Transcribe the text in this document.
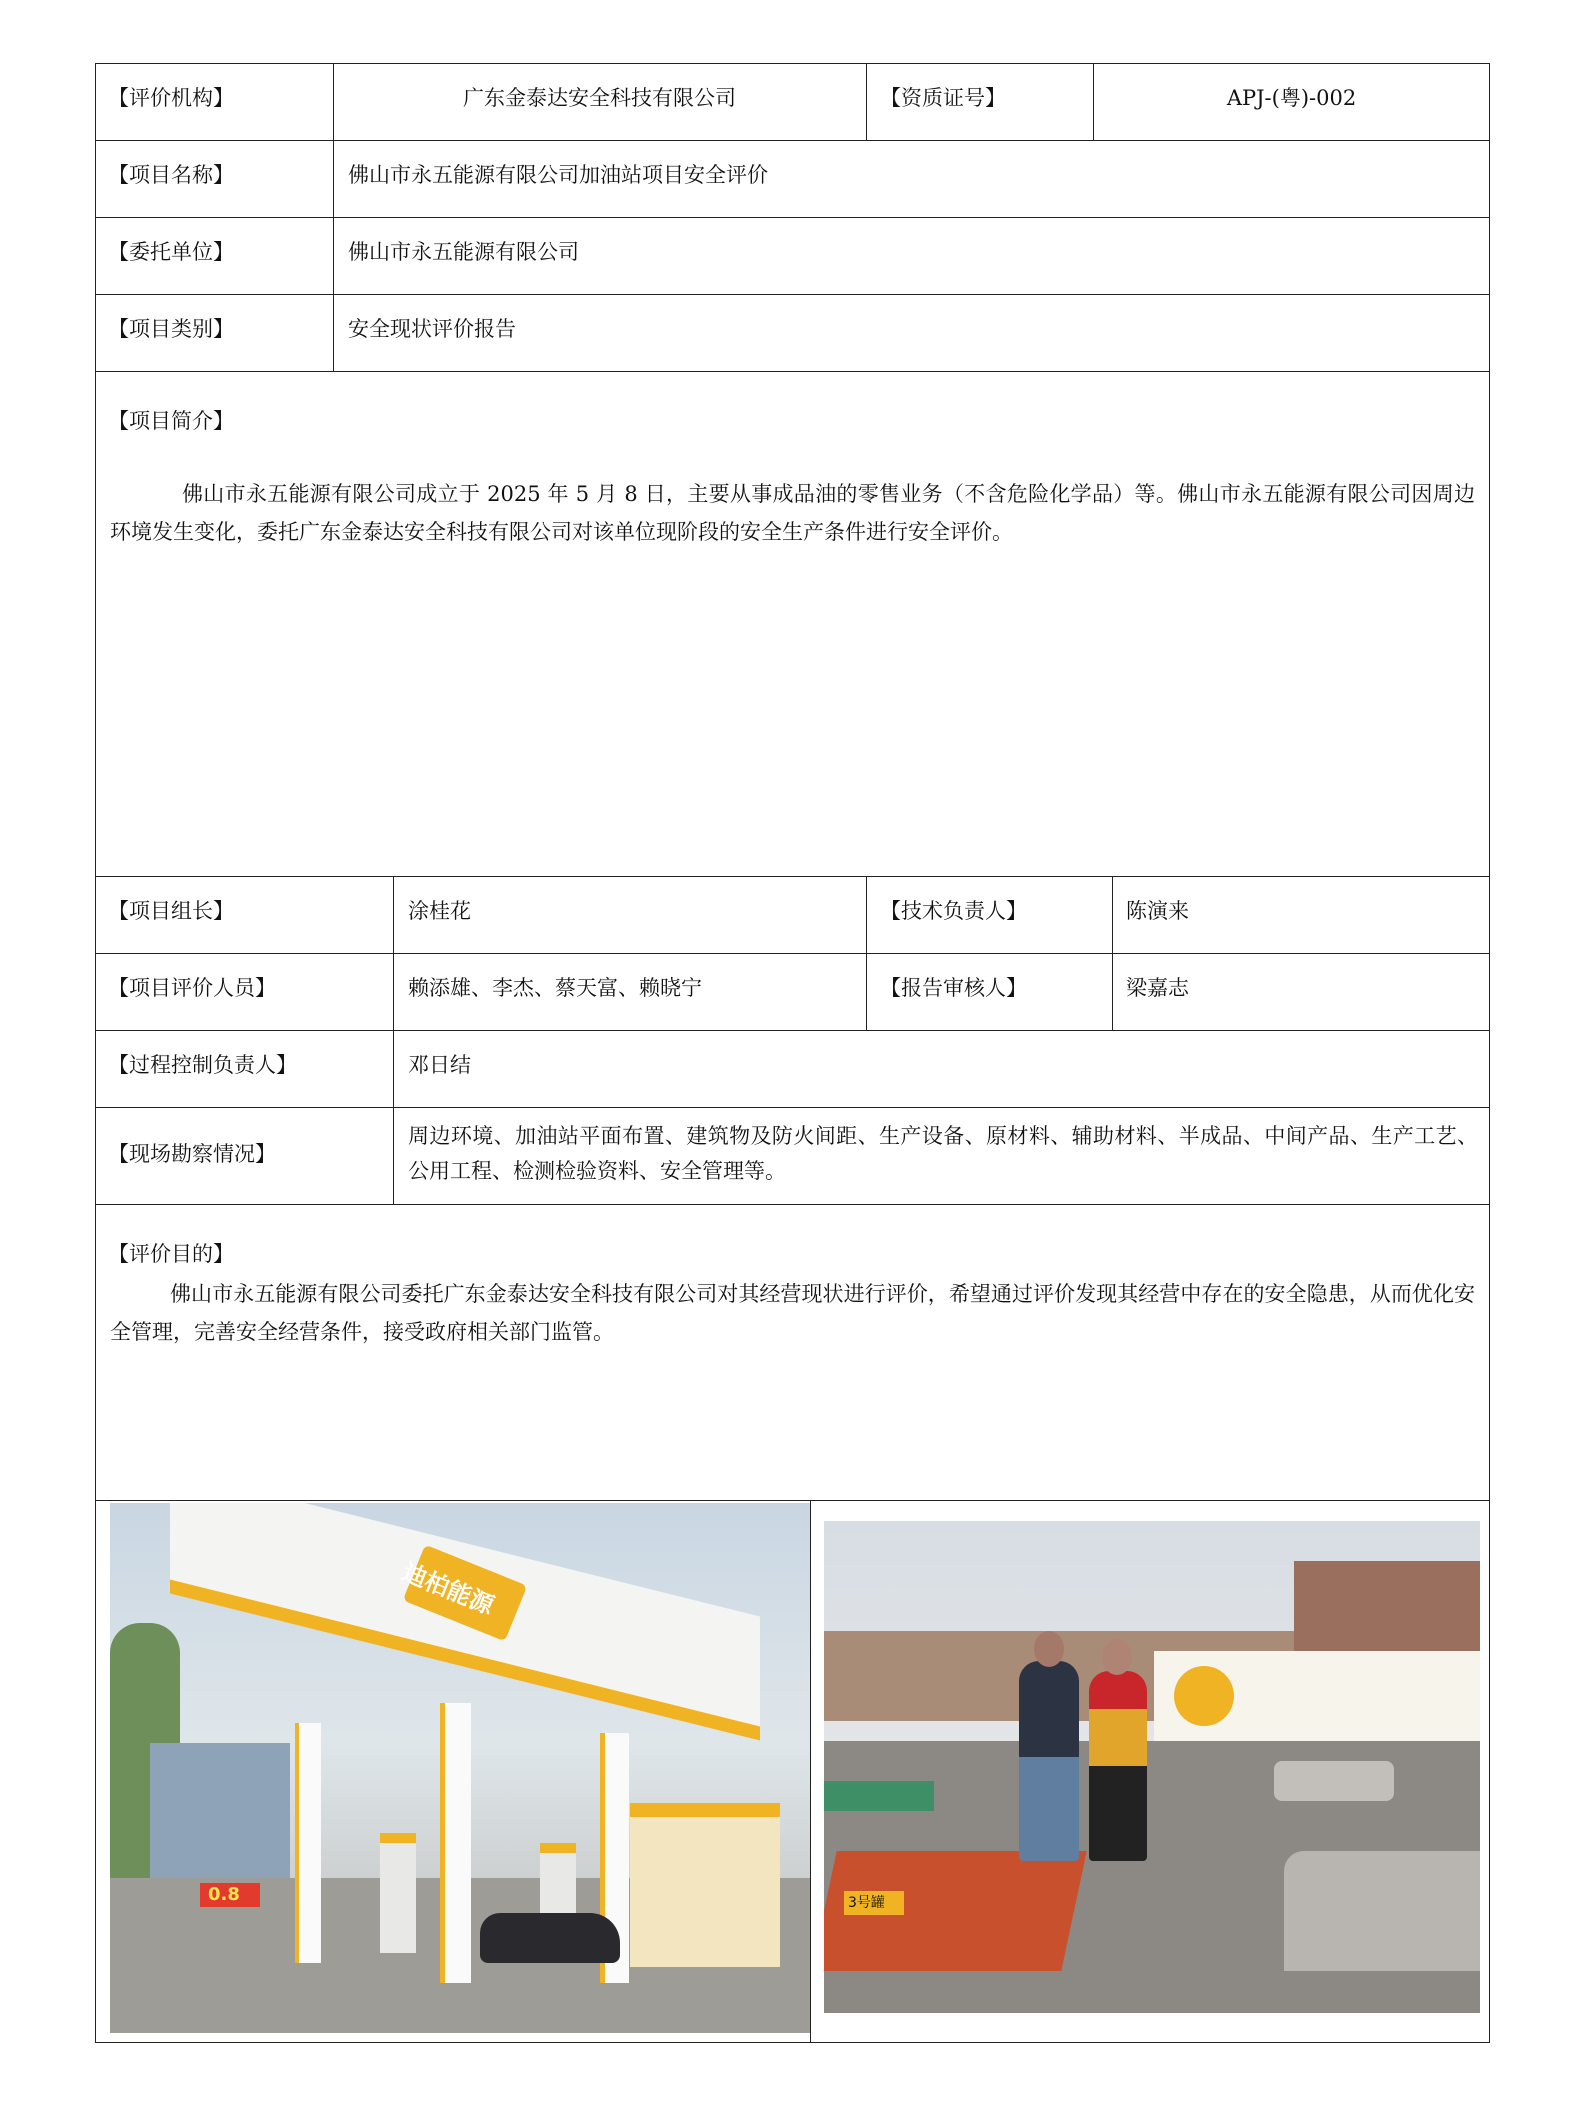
【评价机构】	广东金泰达安全科技有限公司	【资质证号】	APJ-(粤)-002
【项目名称】	佛山市永五能源有限公司加油站项目安全评价
【委托单位】	佛山市永五能源有限公司
【项目类别】	安全现状评价报告
【项目简介】
佛山市永五能源有限公司成立于 2025 年 5 月 8 日，主要从事成品油的零售业务（不含危险化学品）等。佛山市永五能源有限公司因周边环境发生变化，委托广东金泰达安全科技有限公司对该单位现阶段的安全生产条件进行安全评价。
【项目组长】	涂桂花	【技术负责人】	陈演来
【项目评价人员】	赖添雄、李杰、蔡天富、赖晓宁	【报告审核人】	梁嘉志
【过程控制负责人】	邓日结
【现场勘察情况】
周边环境、加油站平面布置、建筑物及防火间距、生产设备、原材料、辅助材料、半成品、中间产品、生产工艺、公用工程、检测检验资料、安全管理等。
【评价目的】
佛山市永五能源有限公司委托广东金泰达安全科技有限公司对其经营现状进行评价，希望通过评价发现其经营中存在的安全隐患，从而优化安全管理，完善安全经营条件，接受政府相关部门监管。
迪柏能源
0.8	3号罐
